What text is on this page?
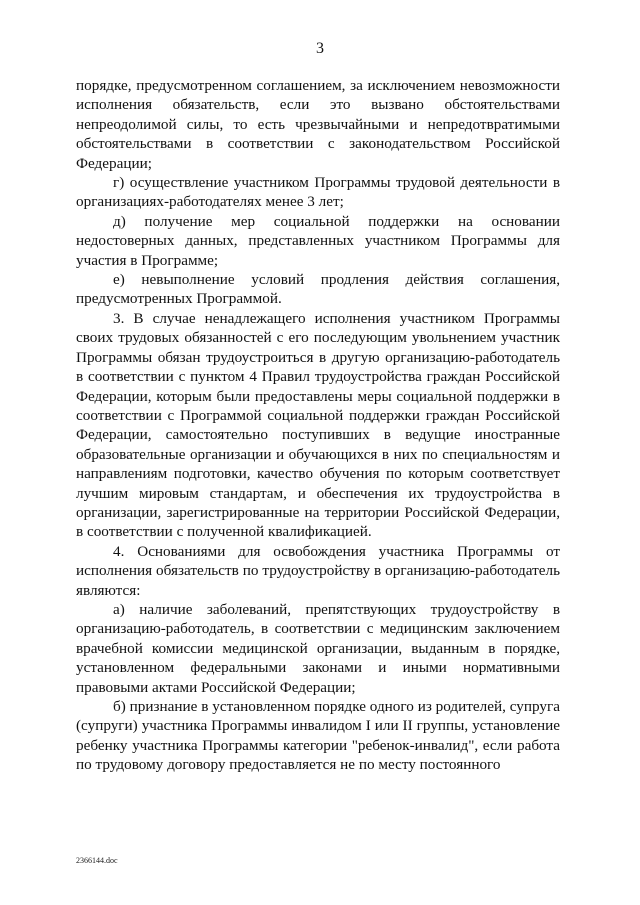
3

порядке, предусмотренном соглашением, за исключением невозможности исполнения обязательств, если это вызвано обстоятельствами непреодолимой силы, то есть чрезвычайными и непредотвратимыми обстоятельствами в соответствии с законодательством Российской Федерации;

г) осуществление участником Программы трудовой деятельности в организациях-работодателях менее 3 лет;

д) получение мер социальной поддержки на основании недостоверных данных, представленных участником Программы для участия в Программе;

е) невыполнение условий продления действия соглашения, предусмотренных Программой.

3. В случае ненадлежащего исполнения участником Программы своих трудовых обязанностей с его последующим увольнением участник Программы обязан трудоустроиться в другую организацию-работодатель в соответствии с пунктом 4 Правил трудоустройства граждан Российской Федерации, которым были предоставлены меры социальной поддержки в соответствии с Программой социальной поддержки граждан Российской Федерации, самостоятельно поступивших в ведущие иностранные образовательные организации и обучающихся в них по специальностям и направлениям подготовки, качество обучения по которым соответствует лучшим мировым стандартам, и обеспечения их трудоустройства в организации, зарегистрированные на территории Российской Федерации, в соответствии с полученной квалификацией.

4. Основаниями для освобождения участника Программы от исполнения обязательств по трудоустройству в организацию-работодатель являются:

а) наличие заболеваний, препятствующих трудоустройству в организацию-работодатель, в соответствии с медицинским заключением врачебной комиссии медицинской организации, выданным в порядке, установленном федеральными законами и иными нормативными правовыми актами Российской Федерации;

б) признание в установленном порядке одного из родителей, супруга (супруги) участника Программы инвалидом I или II группы, установление ребенку участника Программы категории "ребенок-инвалид", если работа по трудовому договору предоставляется не по месту постоянного

2366144.doc
